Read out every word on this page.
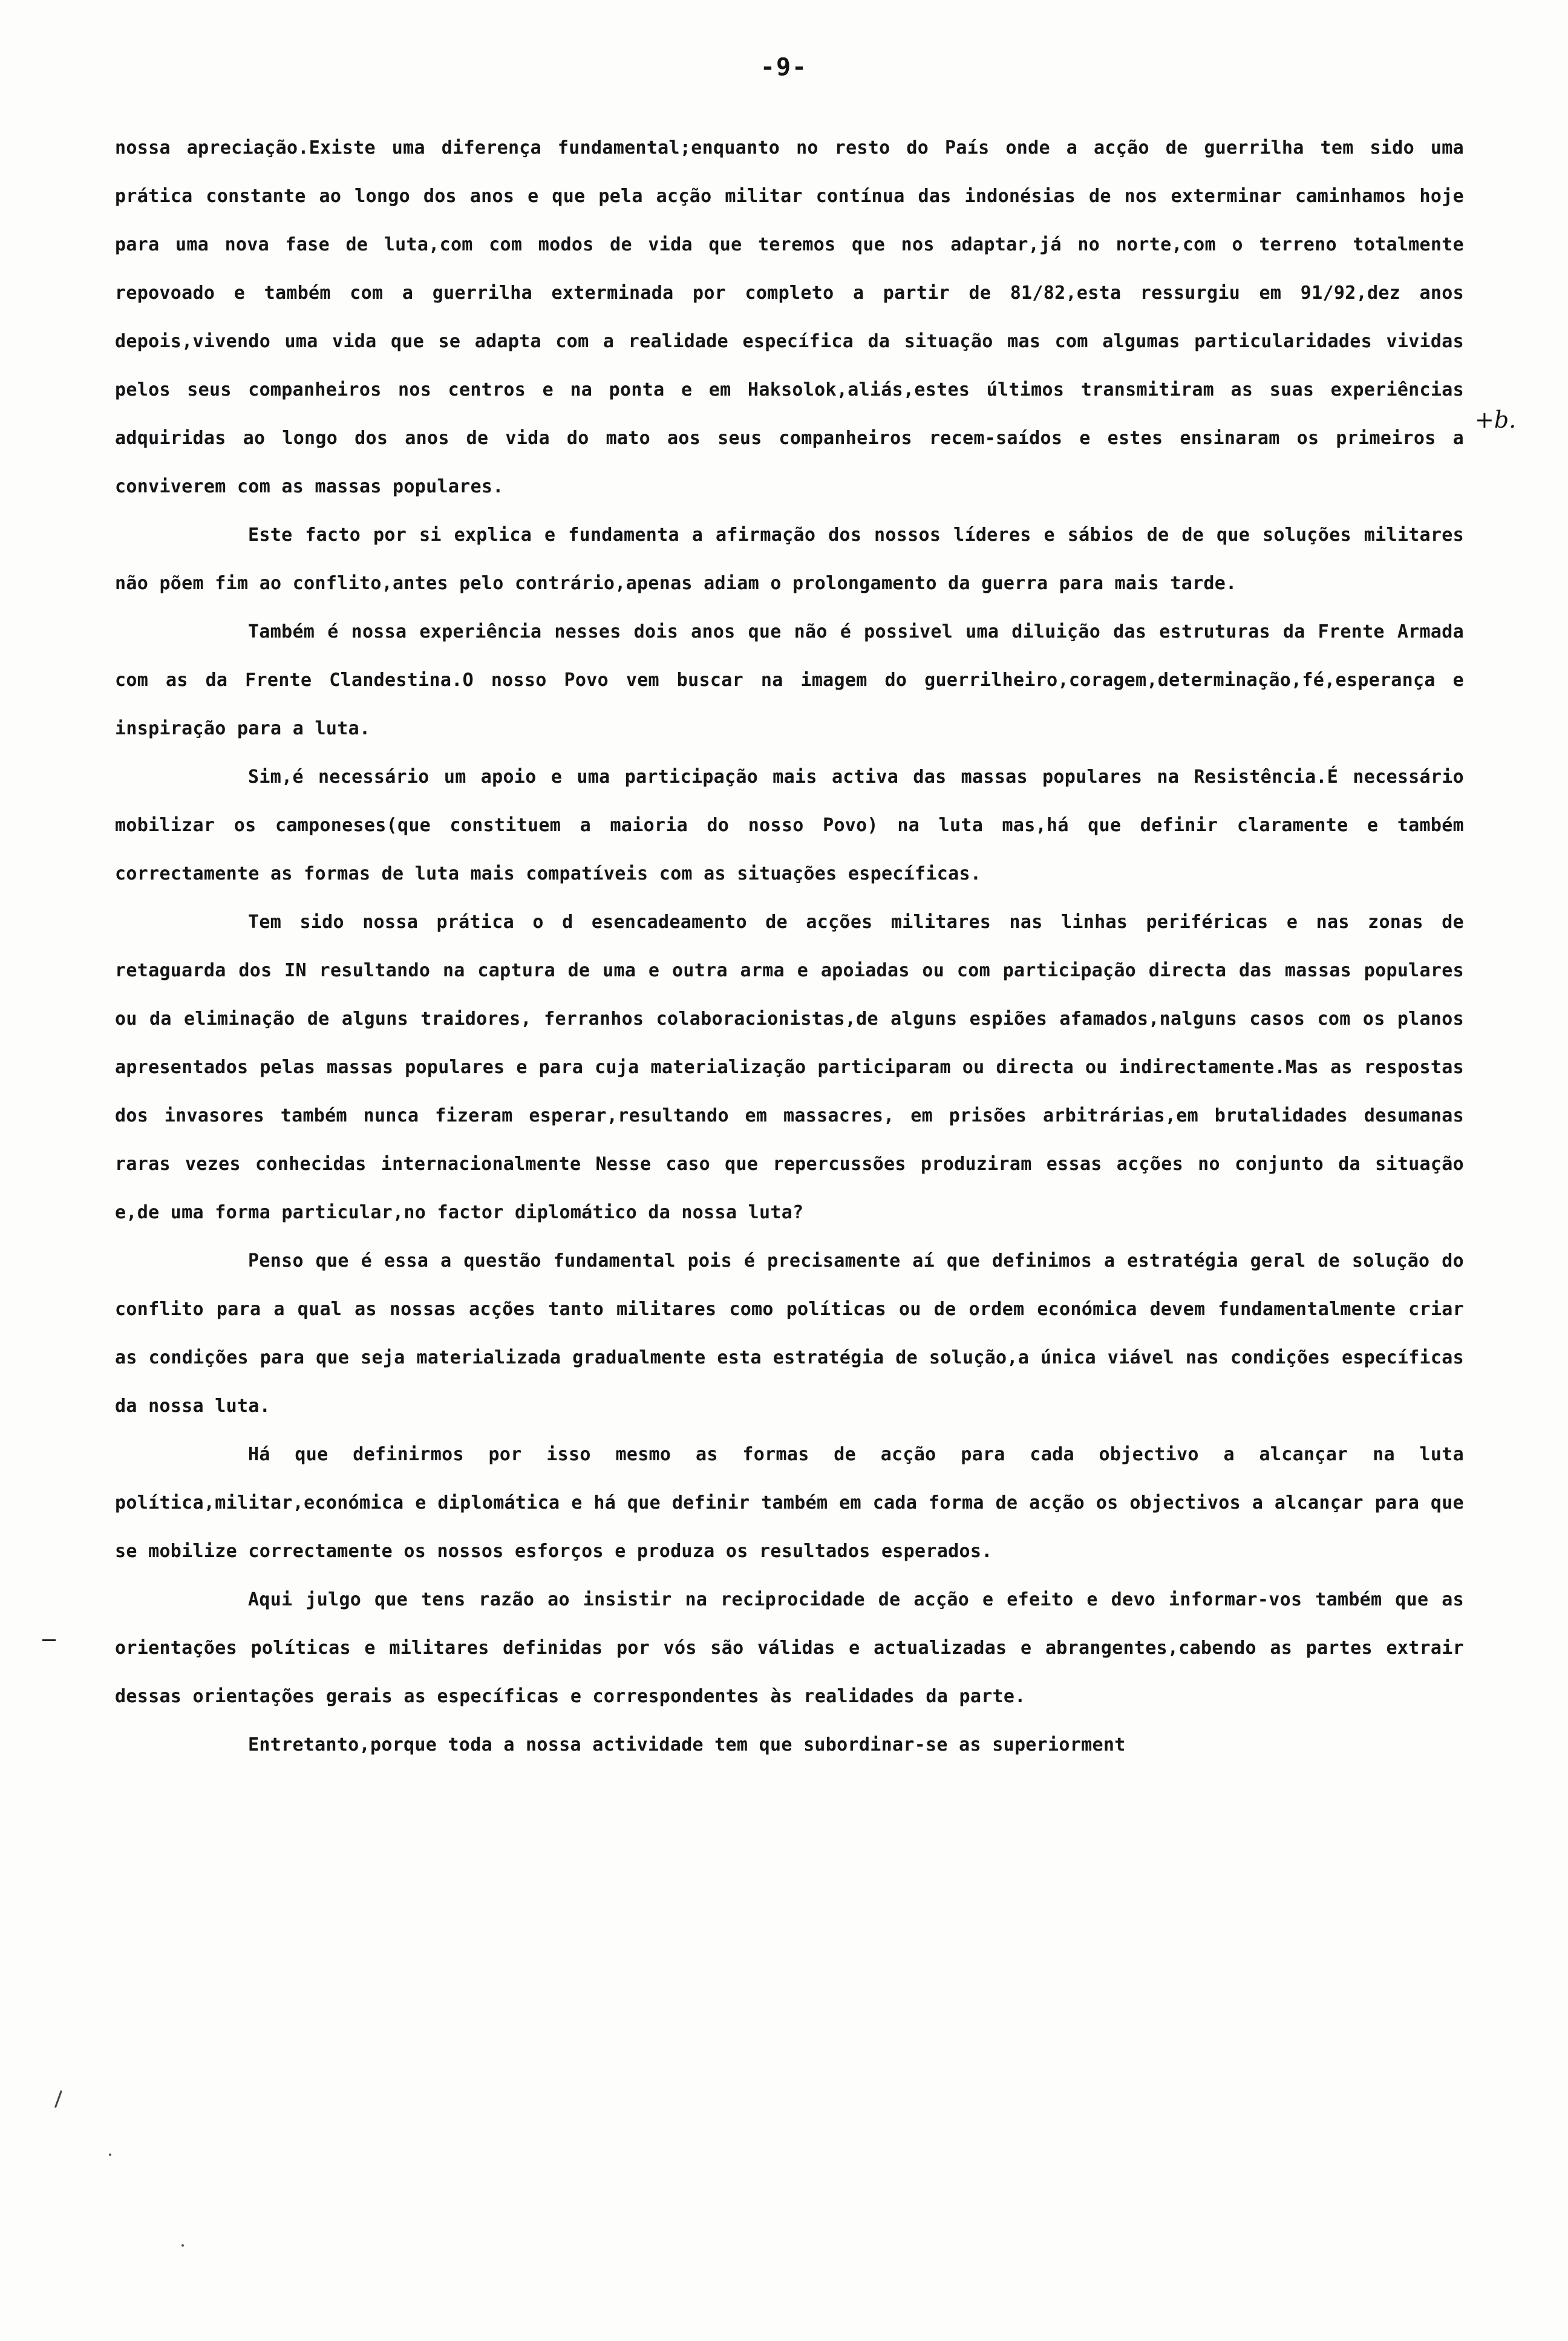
-9-

nossa apreciação.Existe uma diferença fundamental;enquanto no resto do País onde a acção de guerrilha tem sido uma prática constante ao longo dos anos e que pela acção militar contínua das indonésias de nos exterminar caminhamos hoje para uma nova fase de luta,com com modos de vida que teremos que nos adaptar,já no norte,com o terreno totalmente repovoado e também com a guerrilha exterminada por completo a partir de 81/82,esta ressurgiu em 91/92,dez anos depois,vivendo uma vida que se adapta com a realidade específica da situação mas com algumas particularidades vividas pelos seus companheiros nos centros e na ponta e em Haksolok,aliás,estes últimos transmitiram as suas experiências adquiridas ao longo dos anos de vida do mato aos seus companheiros recem-saídos e estes ensinaram os primeiros a conviverem com as massas populares.

Este facto por si explica e fundamenta a afirmação dos nossos líderes e sábios de de que soluções militares não põem fim ao conflito,antes pelo contrário,apenas adiam o prolongamento da guerra para mais tarde.

Também é nossa experiência nesses dois anos que não é possivel uma diluição das estruturas da Frente Armada com as da Frente Clandestina.O nosso Povo vem buscar na imagem do guerrilheiro,coragem,determinação,fé,esperança e inspiração para a luta.

Sim,é necessário um apoio e uma participação mais activa das massas populares na Resistência.É necessário mobilizar os camponeses(que constituem a maioria do nosso Povo) na luta mas,há que definir claramente e também correctamente as formas de luta mais compatíveis com as situações específicas.

Tem sido nossa prática o d esencadeamento de acções militares nas linhas periféricas e nas zonas de retaguarda dos IN resultando na captura de uma e outra arma e apoiadas ou com participação directa das massas populares ou da eliminação de alguns traidores, ferranhos colaboracionistas,de alguns espiões afamados,nalguns casos com os planos apresentados pelas massas populares e para cuja materialização participaram ou directa ou indirectamente.Mas as respostas dos invasores também nunca fizeram esperar,resultando em massacres, em prisões arbitrárias,em brutalidades desumanas raras vezes conhecidas internacionalmente Nesse caso que repercussões produziram essas acções no conjunto da situação e,de uma forma particular,no factor diplomático da nossa luta?

Penso que é essa a questão fundamental pois é precisamente aí que definimos a estratégia geral de solução do conflito para a qual as nossas acções tanto militares como políticas ou de ordem económica devem fundamentalmente criar as condições para que seja materializada gradualmente esta estratégia de solução,a única viável nas condições específicas da nossa luta.

Há que definirmos por isso mesmo as formas de acção para cada objectivo a alcançar na luta política,militar,económica e diplomática e há que definir também em cada forma de acção os objectivos a alcançar para que se mobilize correctamente os nossos esforços e produza os resultados esperados.

Aqui julgo que tens razão ao insistir na reciprocidade de acção e efeito e devo informar-vos também que as orientações políticas e militares definidas por vós são válidas e actualizadas e abrangentes,cabendo as partes extrair dessas orientações gerais as específicas e correspondentes às realidades da parte.

Entretanto,porque toda a nossa actividade tem que subordinar-se as superiorment

+b.
